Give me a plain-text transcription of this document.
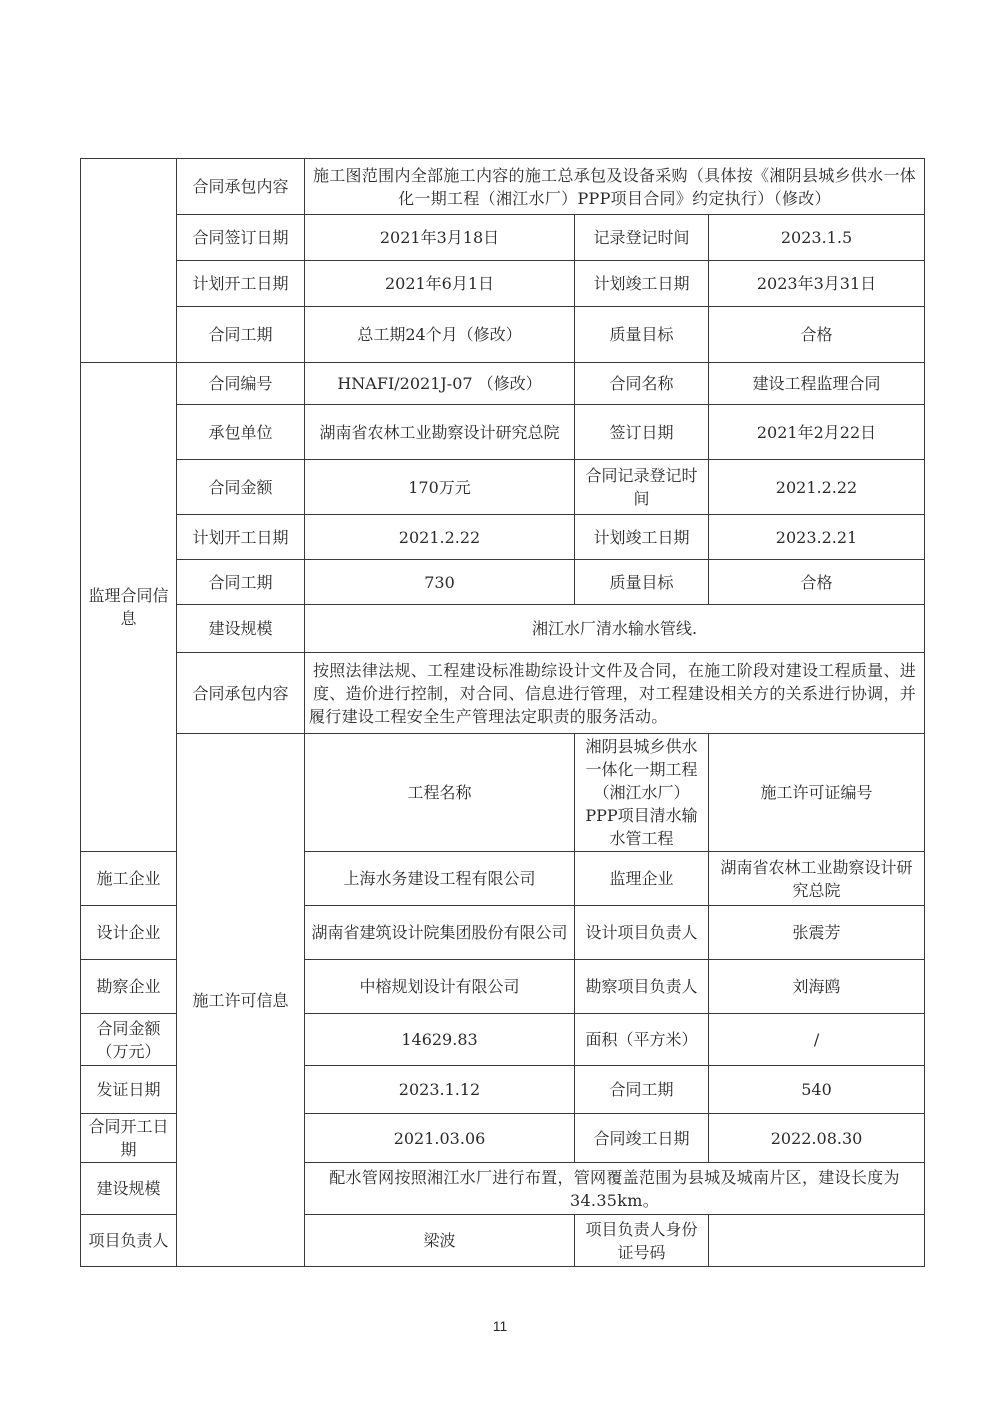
	合同承包内容	施工图范围内全部施工内容的施工总承包及设备采购（具体按《湘阴县城乡供水一体化一期工程（湘江水厂）PPP项目合同》约定执行）（修改）			
	合同签订日期	2021年3月18日	记录登记时间	2023.1.5	
	计划开工日期	2021年6月1日	计划竣工日期	2023年3月31日	
	合同工期	总工期24个月（修改）	质量目标	合格	
监理合同信息	合同编号	HNAFI/2021J-07 （修改）	合同名称	建设工程监理合同	
	承包单位	湖南省农林工业勘察设计研究总院	签订日期	2021年2月22日	
	合同金额	170万元	合同记录登记时间	2021.2.22	
	计划开工日期	2021.2.22	计划竣工日期	2023.2.21	
	合同工期	730	质量目标	合格	
	建设规模	湘江水厂清水输水管线.			
	合同承包内容	按照法律法规、工程建设标准勘综设计文件及合同，在施工阶段对建设工程质量、进度、造价进行控制，对合同、信息进行管理，对工程建设相关方的关系进行协调，并履行建设工程安全生产管理法定职责的服务活动。			
	施工许可信息	工程名称	湘阴县城乡供水一体化一期工程（湘江水厂）PPP项目清水输水管工程	施工许可证编号	
施工企业		上海水务建设工程有限公司	监理企业	湖南省农林工业勘察设计研究总院	
设计企业		湖南省建筑设计院集团股份有限公司	设计项目负责人	张震芳	
勘察企业		中榕规划设计有限公司	勘察项目负责人	刘海鸥	
合同金额（万元）		14629.83	面积（平方米）	/	
发证日期		2023.1.12	合同工期	540	
合同开工日期		2021.03.06	合同竣工日期	2022.08.30	
建设规模		配水管网按照湘江水厂进行布置，管网覆盖范围为县城及城南片区，建设长度为34.35km。			
项目负责人		梁波	项目负责人身份证号码		
11
